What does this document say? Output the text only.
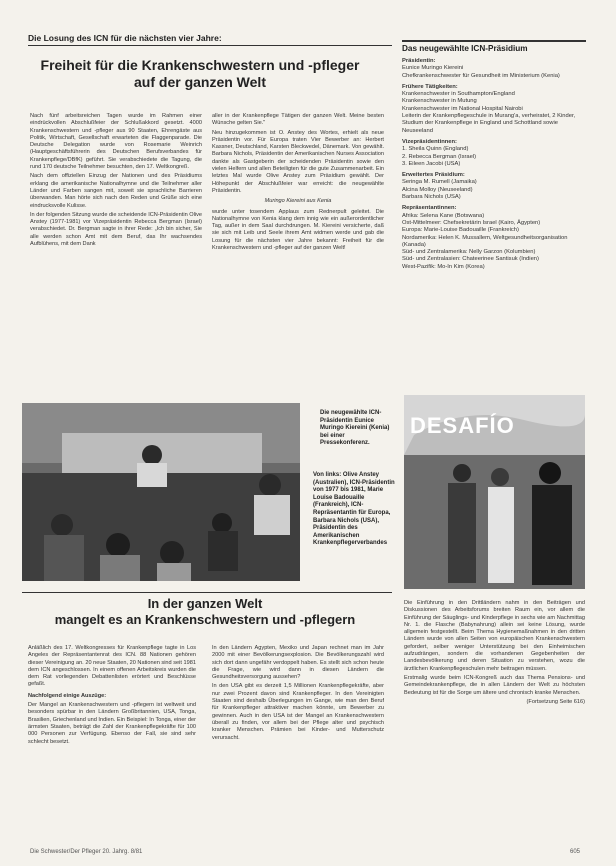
Die Losung des ICN für die nächsten vier Jahre:
Freiheit für die Krankenschwestern und -pfleger
auf der ganzen Welt

Nach fünf arbeitsreichen Tagen wurde im Rahmen einer eindrückvollen Abschlußfeier der Schlußakkord gesetzt. 4000 Krankenschwestern und -pfleger aus 90 Staaten, Ehrengäste aus Politik, Wirtschaft, Gesellschaft erwarteten die Flaggenparade. Die Deutsche Delegation wurde von Rosemarie Weinrich (Hauptgeschäftsführerin des Deutschen Berufsverbandes für Krankenpflege/DBfK) geführt. Sie verabschiedete die Tagung, die rund 170 deutsche Teilnehmer besuchten, den 17. Weltkongreß.

Nach dem offiziellen Einzug der Nationen und des Präsidiums erklang die amerikanische Nationalhymne und die Teilnehmer aller Länder und Farben sangen mit, soweit sie sprachliche Barrieren überwanden. Man hörte sich nach den Reden und Grüße sich eine eindrucksvolle Kulisse.

In der folgenden Sitzung wurde die scheidende ICN-Präsidentin Olive Anstey (1977-1981) vor Vizepräsidentin Rebecca Bergman (Israel) verabschiedet. Dr. Bergman sagte in ihrer Rede: „Ich bin sicher, Sie alle werden schon Amt mit dem Beruf, das Ihr wachsendes Aufblühens, mit dem Dank

aller in der Krankenpflege Tätigen der ganzen Welt. Meine besten Wünsche gelten Sie."

Neu hinzugekommen ist O. Anstey des Wortes, erhielt als neue Präsidentin vor. Für Europa traten Vier Bewerber an: Herbert Kassner, Deutschland, Karsten Bleckwedel, Dänemark. Von gewählt. Barbara Nichols, Präsidentin der Amerikanischen Nurses Association dankte als Gastgeberin der scheidenden Präsidentin sowie den vielen Helfern und allen Beteiligten für die gute Zusammenarbeit. Ein letztes Mal wurde Olive Anstey zum Präsidium gewählt. Der Höhepunkt der Abschlußfeier war erreicht: die neugewählte Präsidentin.

Muringo Kiereini aus Kenia

wurde unter tosendem Applaus zum Rednerpult geleitet. Die Nationalhymne von Kenia klang dem innig wie ein außerordentlicher Tag, außer in dem Saal durchdrungen. M. Kiereini versicherte, daß sie sich mit Leib und Seele ihrem Amt widmen werde und gab die Losung für die nächsten vier Jahre bekannt: Freiheit für die Krankenschwestern und -pfleger auf der ganzen Welt!

Das neugewählte ICN-Präsidium
Präsidentin:
Eunice Muringo Kiereini
Chefkrankenschwester für Gesundheit im Ministerium (Kenia)
Frühere Tätigkeiten:
Krankenschwester in Southampton/England
Krankenschwester in Mutung
Krankenschwester im National Hospital Nairobi
Leiterin der Krankenpflegeschule in Murang'a, verheiratet, 2 Kinder, Studium der Krankenpflege in England und Schottland sowie Neuseeland
Vizepräsidentinnen:
1. Sheila Quinn (England)
2. Rebecca Bergman (Israel)
3. Eileen Jacobi (USA)
Erweitertes Präsidium:
Seringa M. Rumell (Jamaika)
Alcina Molloy (Neuseeland)
Barbara Nichols (USA)
Repräsentantinnen:
Afrika: Selena Kane (Botswana)
Ost-Mittelmeer: Chefsekretärin Israel (Kairo, Ägypten)
Europa: Marie-Louise Badouaille (Frankreich)
Nordamerika: Helen K. Mussallem, Weltgesundheitsorganisation (Kanada)
Süd- und Zentralamerika: Nelly Garzon (Kolumbien)
Süd- und Zentralasien: Chateerinee Santisuk (Indien)
West-Pazifik: Mo-In Kim (Korea)
Die neugewählte ICN-Präsidentin Eunice Muringo Kiereini (Kenia) bei einer Pressekonferenz.
Von links: Olive Anstey (Australien), ICN-Präsidentin von 1977 bis 1981, Marie Louise Badouaille (Frankreich), ICN-Repräsentantin für Europa, Barbara Nichols (USA), Präsidentin des Amerikanischen Krankenpflegerverbandes
DESAFÍO
In der ganzen Welt
mangelt es an Krankenschwestern und -pflegern

Anläßlich des 17. Weltkongresses für Krankenpflege tagte in Los Angeles der Repräsentantenrat des ICN. 88 Nationen gehören dieser Vereinigung an. 20 neue Staaten, 20 Nationen sind seit 1981 dem ICN angeschlossen. In einem offenen Arbeitskreis wurden die dem Rat vorliegenden Debattenlisten erörtert und Beschlüsse gefaßt.

Nachfolgend einige Auszüge:

Der Mangel an Krankenschwestern und -pflegern ist weltweit und besonders spürbar in den Ländern Großbritannien, USA, Tonga, Brasilien, Griechenland und Indien. Ein Beispiel: In Tonga, einer der ärmsten Staaten, beträgt die Zahl der Krankenpflegekräfte für 100 000 Personen zur Verfügung. Ebenso der Fall, sie sind sehr schlecht besetzt.

In den Ländern Ägypten, Mexiko und Japan rechnet man im Jahr 2000 mit einer Bevölkerungsexplosion. Die Bevölkerungszahl wird sich dort dann ungefähr verdoppelt haben. Es stellt sich schon heute die Frage, wie wird dann in diesen Ländern die Gesundheitsversorgung aussehen?

In den USA gibt es derzeit 1,5 Millionen Krankenpflegekräfte, aber nur zwei Prozent davon sind Krankenpfleger. In den Vereinigten Staaten sind deshalb Überlegungen im Gange, wie man den Beruf für Krankenpfleger attraktiver machen könnte, um Bewerber zu gewinnen. Auch in den USA ist der Mangel an Krankenschwestern überall zu finden, vor allem bei der Pflege alter und psychisch kranker Menschen. Prämien bei Kinder- und Mutterschutz verursacht.

Die Einführung in den Drittländern nahm in den Beiträgen und Diskussionen des Arbeitsforums breiten Raum ein, vor allem die Einführung der Säuglings- und Kinderpflege in sechs wie am Nachmittag Nr. 1. die Flasche (Babynahrung) allein sei keine Lösung, wurde allgemein festgestellt. Beim Thema Hygienemaßnahmen in den dritten Ländern wurde von allen Seiten von europäischen Krankenschwestern gefordert, selber weniger Unterstützung bei den Einheimischen aufzudrängen, sondern die vorhandenen Gegebenheiten der Landesbevölkerung und deren Situation zu verstehen, wozu die ärztlichen Krankenpflegeschulen mehr beitragen müssen.

Erstmalig wurde beim ICN-Kongreß auch das Thema Pensions- und Gemeindekrankenpflege, die in allen Ländern der Welt zu höchsten Bedeutung ist für die Sorge um ältere und chronisch kranke Menschen.

(Fortsetzung Seite 616)

Die Schwester/Der Pfleger 20. Jahrg. 8/81	605
